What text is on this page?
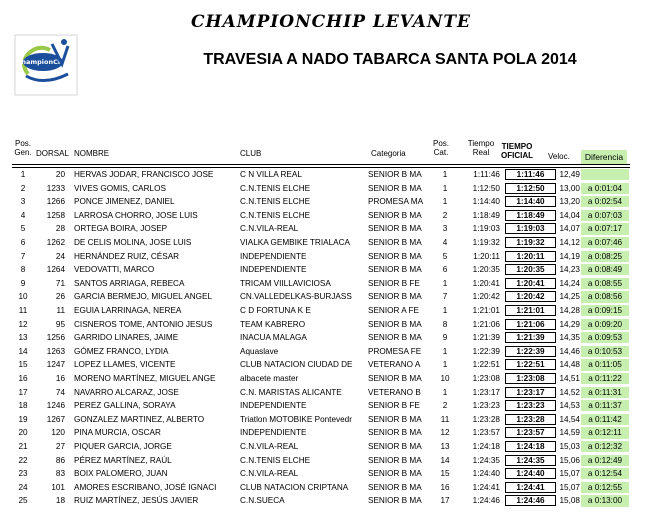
CHAMPIONCHIP LEVANTE
ChampionChip	TRAVESIA A NADO TABARCA SANTA POLA 2014
Pos.
Gen. DORSAL NOMBRE	CLUB	Categoria
Pos.
Cat.
Tiempo
Real
TIEMPO
OFICIAL	Veloc.	Diferencia
1	20 HERVAS JODAR, FRANCISCO JOSE	C N VILLA REAL	SENIOR B MA	1	1:11:46	1:11:46	12,49
2	1233 VIVES GOMIS, CARLOS	C.N.TENIS ELCHE	SENIOR B MA	1	1:12:50	1:12:50	13,00 a 0:01:04
3	1266 PONCE JIMENEZ, DANIEL	C.N.TENIS ELCHE	PROMESA MA	1	1:14:40	1:14:40	13,20 a 0:02:54
4	1258 LARROSA CHORRO, JOSE LUIS	C.N.TENIS ELCHE	SENIOR B MA	2	1:18:49	1:18:49	14,04 a 0:07:03
5	28 ORTEGA BOIRA, JOSEP	C.N.VILA-REAL	SENIOR B MA	3	1:19:03	1:19:03	14,07 a 0:07:17
6	1262 DE CELIS MOLINA, JOSE LUIS	VIALKA GEMBIKE TRIALACA	SENIOR B MA	4	1:19:32	1:19:32	14,12 a 0:07:46
7	24 HERNÁNDEZ RUIZ, CÉSAR	INDEPENDIENTE	SENIOR B MA	5	1:20:11	1:20:11	14,19 a 0:08:25
8	1264 VEDOVATTI, MARCO	INDEPENDIENTE	SENIOR B MA	6	1:20:35	1:20:35	14,23 a 0:08:49
9	71 SANTOS ARRIAGA, REBECA	TRICAM VIILLAVICIOSA	SENIOR B FE	1	1:20:41	1:20:41	14,24 a 0:08:55
10	26 GARCIA BERMEJO, MIGUEL ANGEL	CN.VALLEDELKAS-BURJASS	SENIOR B MA	7	1:20:42	1:20:42	14,25 a 0:08:56
11	11 EGUIA LARRINAGA, NEREA	C D FORTUNA K E	SENIOR A FE	1	1:21:01	1:21:01	14,28 a 0:09:15
12	95 CISNEROS TOME, ANTONIO JESUS	TEAM KABRERO	SENIOR B MA	8	1:21:06	1:21:06	14,29 a 0:09:20
13	1256 GARRIDO LINARES, JAIME	INACUA MALAGA	SENIOR B MA	9	1:21:39	1:21:39	14,35 a 0:09:53
14	1263 GÓMEZ FRANCO, LYDIA	Aquaslave	PROMESA FE	1	1:22:39	1:22:39	14,46 a 0:10:53
15	1247 LOPEZ LLAMES, VICENTE	CLUB NATACION CIUDAD DE	VETERANO A	1	1:22:51	1:22:51	14,48	a 0:11:05
16	16 MORENO MARTÍNEZ, MIGUEL ANGE	albacete master	SENIOR B MA	10	1:23:08	1:23:08	14,51	a 0:11:22
17	74 NAVARRO ALCARAZ, JOSE	C.N. MARISTAS ALICANTE	VETERANO B	1	1:23:17	1:23:17	14,52	a 0:11:31
18	1246 PEREZ GALLINA, SORAYA	INDEPENDIENTE	SENIOR B FE	2	1:23:23	1:23:23	14,53	a 0:11:37
19	1267 GONZALEZ MARTINEZ, ALBERTO	Triatlon MOTOBIKE Pontevedr	SENIOR B MA	11	1:23:28	1:23:28	14,54	a 0:11:42
20	120 PINA MURCIA, OSCAR	INDEPENDIENTE	SENIOR B MA	12	1:23:57	1:23:57	14,59	a 0:12:11
21	27 PIQUER GARCIA, JORGE	C.N.VILA-REAL	SENIOR B MA	13	1:24:18	1:24:18	15,03 a 0:12:32
22	86 PÉREZ MARTÍNEZ, RAÚL	C.N.TENIS ELCHE	SENIOR B MA	14	1:24:35	1:24:35	15,06 a 0:12:49
23	83 BOIX PALOMERO, JUAN	C.N.VILA-REAL	SENIOR B MA	15	1:24:40	1:24:40	15,07 a 0:12:54
24	101 AMORES ESCRIBANO, JOSÉ IGNACI	CLUB NATACION CRIPTANA	SENIOR B MA	16	1:24:41	1:24:41	15,07 a 0:12:55
25	18 RUIZ MARTÍNEZ, JESÚS JAVIER	C.N.SUECA	SENIOR B MA	17	1:24:46	1:24:46	15,08 a 0:13:00
